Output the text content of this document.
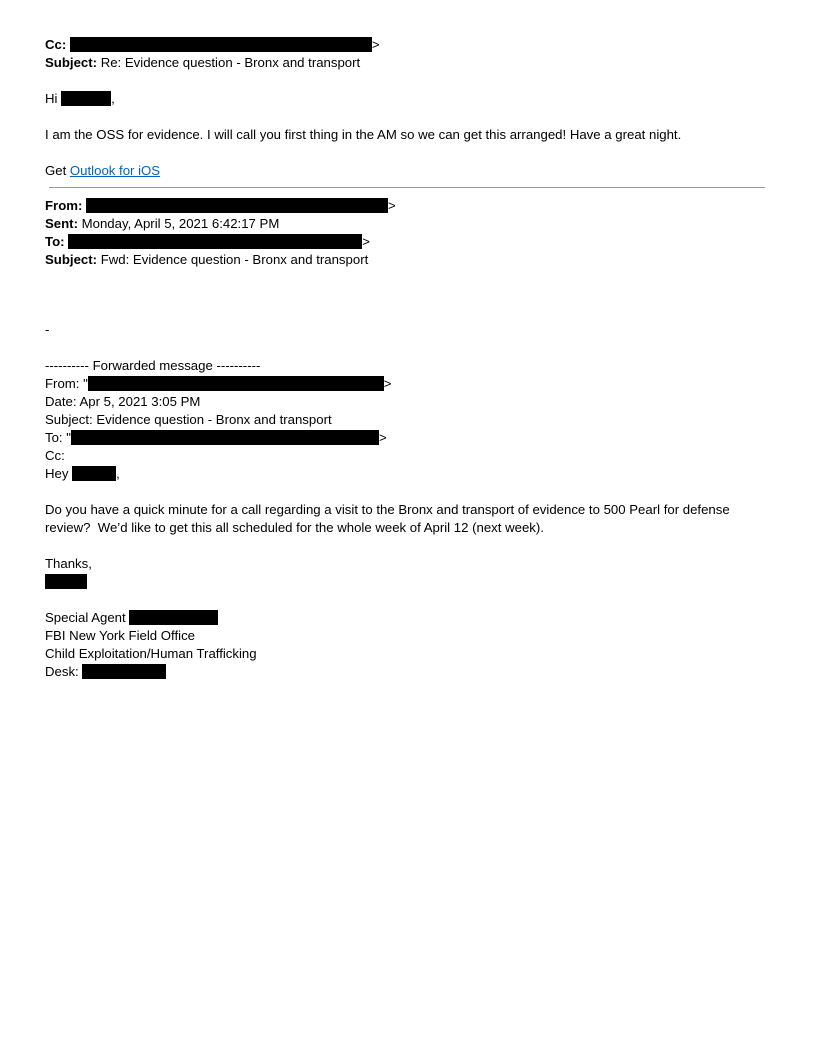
Cc:	>
Subject: Re: Evidence question - Bronx and transport
Hi	,
I am the OSS for evidence. I will call you first thing in the AM so we can get this arranged! Have a great night.
Get Outlook for iOS
From:	>
Sent: Monday, April 5, 2021 6:42:17 PM
To:	>
Subject: Fwd: Evidence question - Bronx and transport
-
---------- Forwarded message ----------
From: "	>
Date: Apr 5, 2021 3:05 PM
Subject: Evidence question - Bronx and transport
To: "	>
Cc:
Hey	,
Do you have a quick minute for a call regarding a visit to the Bronx and transport of evidence to 500 Pearl for defense
review?  We’d like to get this all scheduled for the whole week of April 12 (next week).
Thanks,
Special Agent
FBI New York Field Office
Child Exploitation/Human Trafficking
Desk:
